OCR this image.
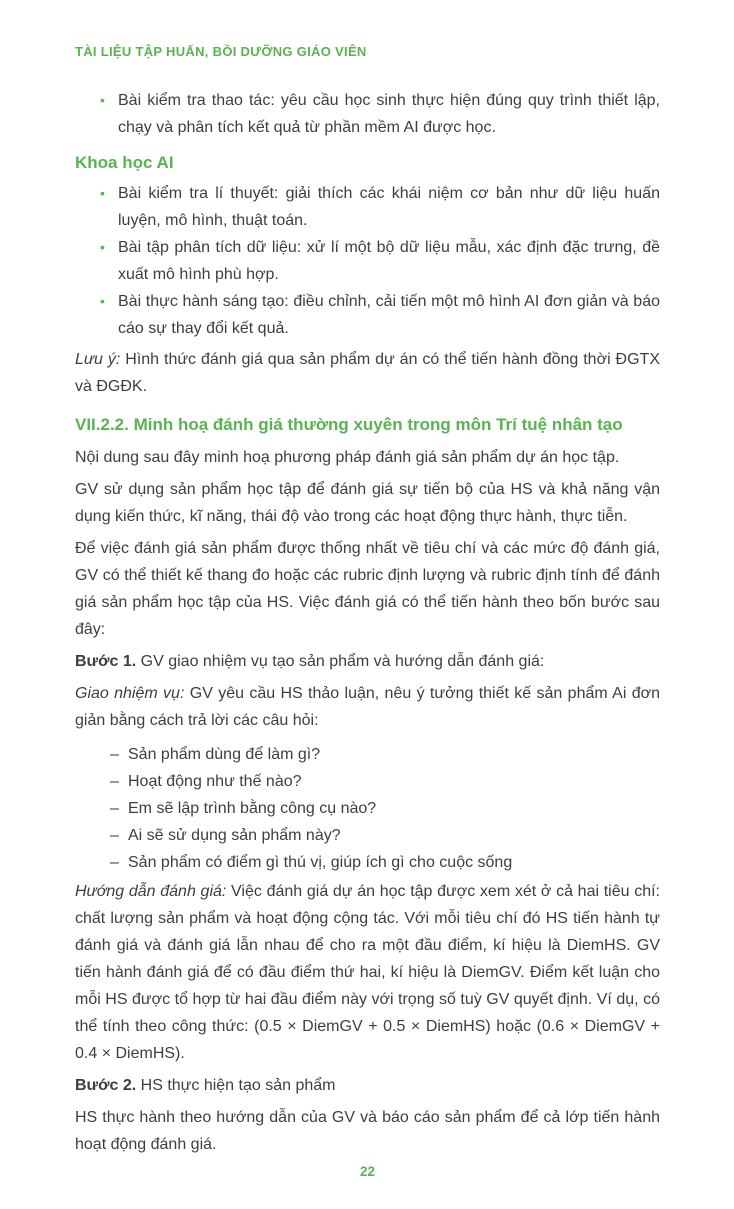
TÀI LIỆU TẬP HUẤN, BỒI DƯỠNG GIÁO VIÊN
• Bài kiểm tra thao tác: yêu cầu học sinh thực hiện đúng quy trình thiết lập, chạy và phân tích kết quả từ phần mềm AI được học.
Khoa học AI
• Bài kiểm tra lí thuyết: giải thích các khái niệm cơ bản như dữ liệu huấn luyện, mô hình, thuật toán.
• Bài tập phân tích dữ liệu: xử lí một bộ dữ liệu mẫu, xác định đặc trưng, đề xuất mô hình phù hợp.
• Bài thực hành sáng tạo: điều chỉnh, cải tiến một mô hình AI đơn giản và báo cáo sự thay đổi kết quả.

Lưu ý: Hình thức đánh giá qua sản phẩm dự án có thể tiến hành đồng thời ĐGTX và ĐGĐK.

VII.2.2. Minh hoạ đánh giá thường xuyên trong môn Trí tuệ nhân tạo

Nội dung sau đây minh hoạ phương pháp đánh giá sản phẩm dự án học tập.

GV sử dụng sản phẩm học tập để đánh giá sự tiến bộ của HS và khả năng vận dụng kiến thức, kĩ năng, thái độ vào trong các hoạt động thực hành, thực tiễn.

Để việc đánh giá sản phẩm được thống nhất về tiêu chí và các mức độ đánh giá, GV có thể thiết kế thang đo hoặc các rubric định lượng và rubric định tính để đánh giá sản phẩm học tập của HS. Việc đánh giá có thể tiến hành theo bốn bước sau đây:

Bước 1. GV giao nhiệm vụ tạo sản phẩm và hướng dẫn đánh giá:

Giao nhiệm vụ: GV yêu cầu HS thảo luận, nêu ý tưởng thiết kế sản phẩm Ai đơn giản bằng cách trả lời các câu hỏi:

– Sản phẩm dùng để làm gì?
– Hoạt động như thế nào?
– Em sẽ lập trình bằng công cụ nào?
– Ai sẽ sử dụng sản phẩm này?
– Sản phẩm có điểm gì thú vị, giúp ích gì cho cuộc sống

Hướng dẫn đánh giá: Việc đánh giá dự án học tập được xem xét ở cả hai tiêu chí: chất lượng sản phẩm và hoạt động cộng tác. Với mỗi tiêu chí đó HS tiến hành tự đánh giá và đánh giá lẫn nhau để cho ra một đầu điểm, kí hiệu là DiemHS. GV tiến hành đánh giá để có đầu điểm thứ hai, kí hiệu là DiemGV. Điểm kết luận cho mỗi HS được tổ hợp từ hai đầu điểm này với trọng số tuỳ GV quyết định. Ví dụ, có thể tính theo công thức: (0.5 × DiemGV + 0.5 × DiemHS) hoặc (0.6 × DiemGV + 0.4 × DiemHS).

Bước 2. HS thực hiện tạo sản phẩm

HS thực hành theo hướng dẫn của GV và báo cáo sản phẩm để cả lớp tiến hành hoạt động đánh giá.

22
